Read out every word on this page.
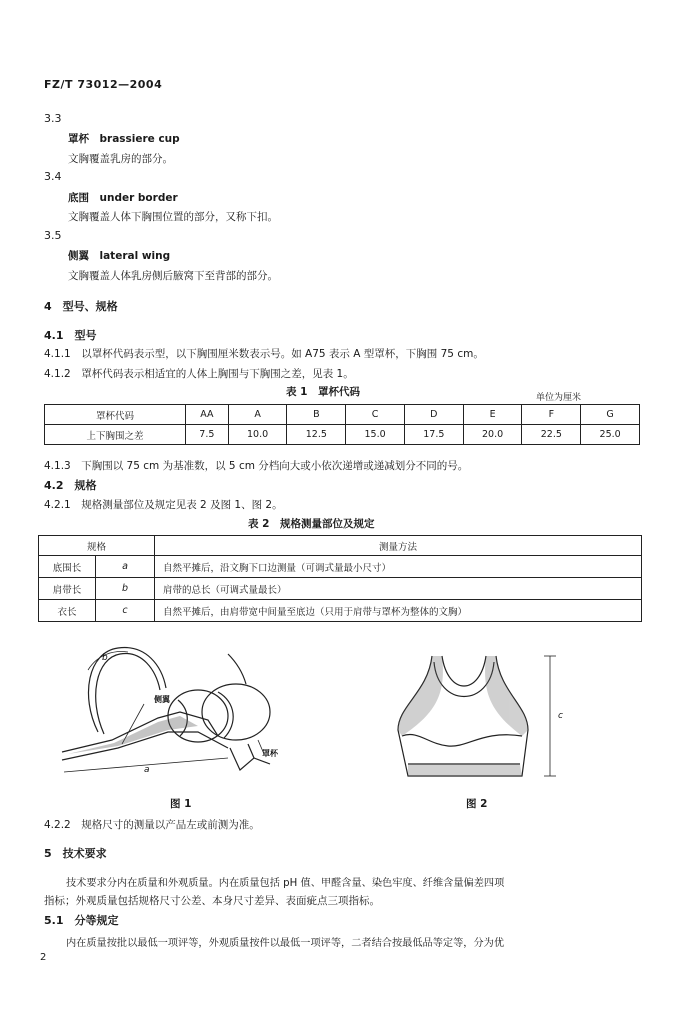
FZ/T 73012—2004
3.3
罩杯　brassiere cup
文胸覆盖乳房的部分。
3.4
底围　under border
文胸覆盖人体下胸围位置的部分，又称下扣。
3.5
侧翼　lateral wing
文胸覆盖人体乳房侧后腋窝下至背部的部分。
4　型号、规格
4.1　型号
4.1.1　以罩杯代码表示型，以下胸围厘米数表示号。如 A75 表示 A 型罩杯，下胸围 75 cm。
4.1.2　罩杯代码表示相适宜的人体上胸围与下胸围之差，见表 1。
表 1　罩杯代码	单位为厘米
罩杯代码	AA	A	B	C	D	E	F	G
上下胸围之差	7.5	10.0	12.5	15.0	17.5	20.0	22.5	25.0
4.1.3　下胸围以 75 cm 为基准数，以 5 cm 分档向大或小依次递增或递减划分不同的号。
4.2　规格
4.2.1　规格测量部位及规定见表 2 及图 1、图 2。
表 2　规格测量部位及规定
规格		测量方法
底围长	a	自然平摊后，沿文胸下口边测量（可调式量最小尺寸）
肩带长	b	肩带的总长（可调式量最长）
衣长	c	自然平摊后，由肩带宽中间量至底边（只用于肩带与罩杯为整体的文胸）
侧翼
罩杯
a
b
c
图 1	图 2
4.2.2　规格尺寸的测量以产品左或前测为准。
5　技术要求
技术要求分内在质量和外观质量。内在质量包括 pH 值、甲醛含量、染色牢度、纤维含量偏差四项
指标；外观质量包括规格尺寸公差、本身尺寸差异、表面疵点三项指标。
5.1　分等规定
内在质量按批以最低一项评等，外观质量按件以最低一项评等，二者结合按最低品等定等，分为优
2
